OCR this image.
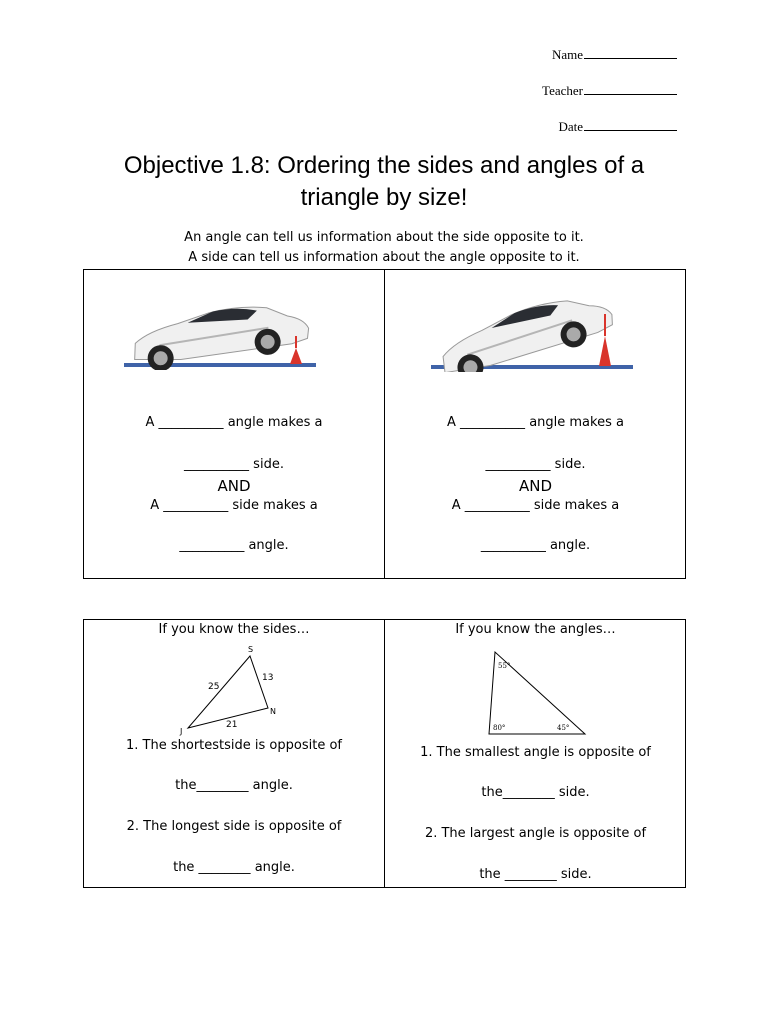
Name
Teacher
Date
Objective 1.8: Ordering the sides and angles of a
triangle by size!
An angle can tell us information about the side opposite to it.
A side can tell us information about the angle opposite to it.
A __________ angle makes a
__________ side.
AND
A __________ side makes a
__________ angle.
A __________ angle makes a
__________ side.
AND
A __________ side makes a
__________ angle.
If you know the sides…
S
J
N
25
13
21
1. The shortestside is opposite of
the________ angle.
2. The longest side is opposite of
the ________ angle.
If you know the angles…
55°
80°	45°
1. The smallest angle is opposite of
the________ side.
2. The largest angle is opposite of
the ________ side.
